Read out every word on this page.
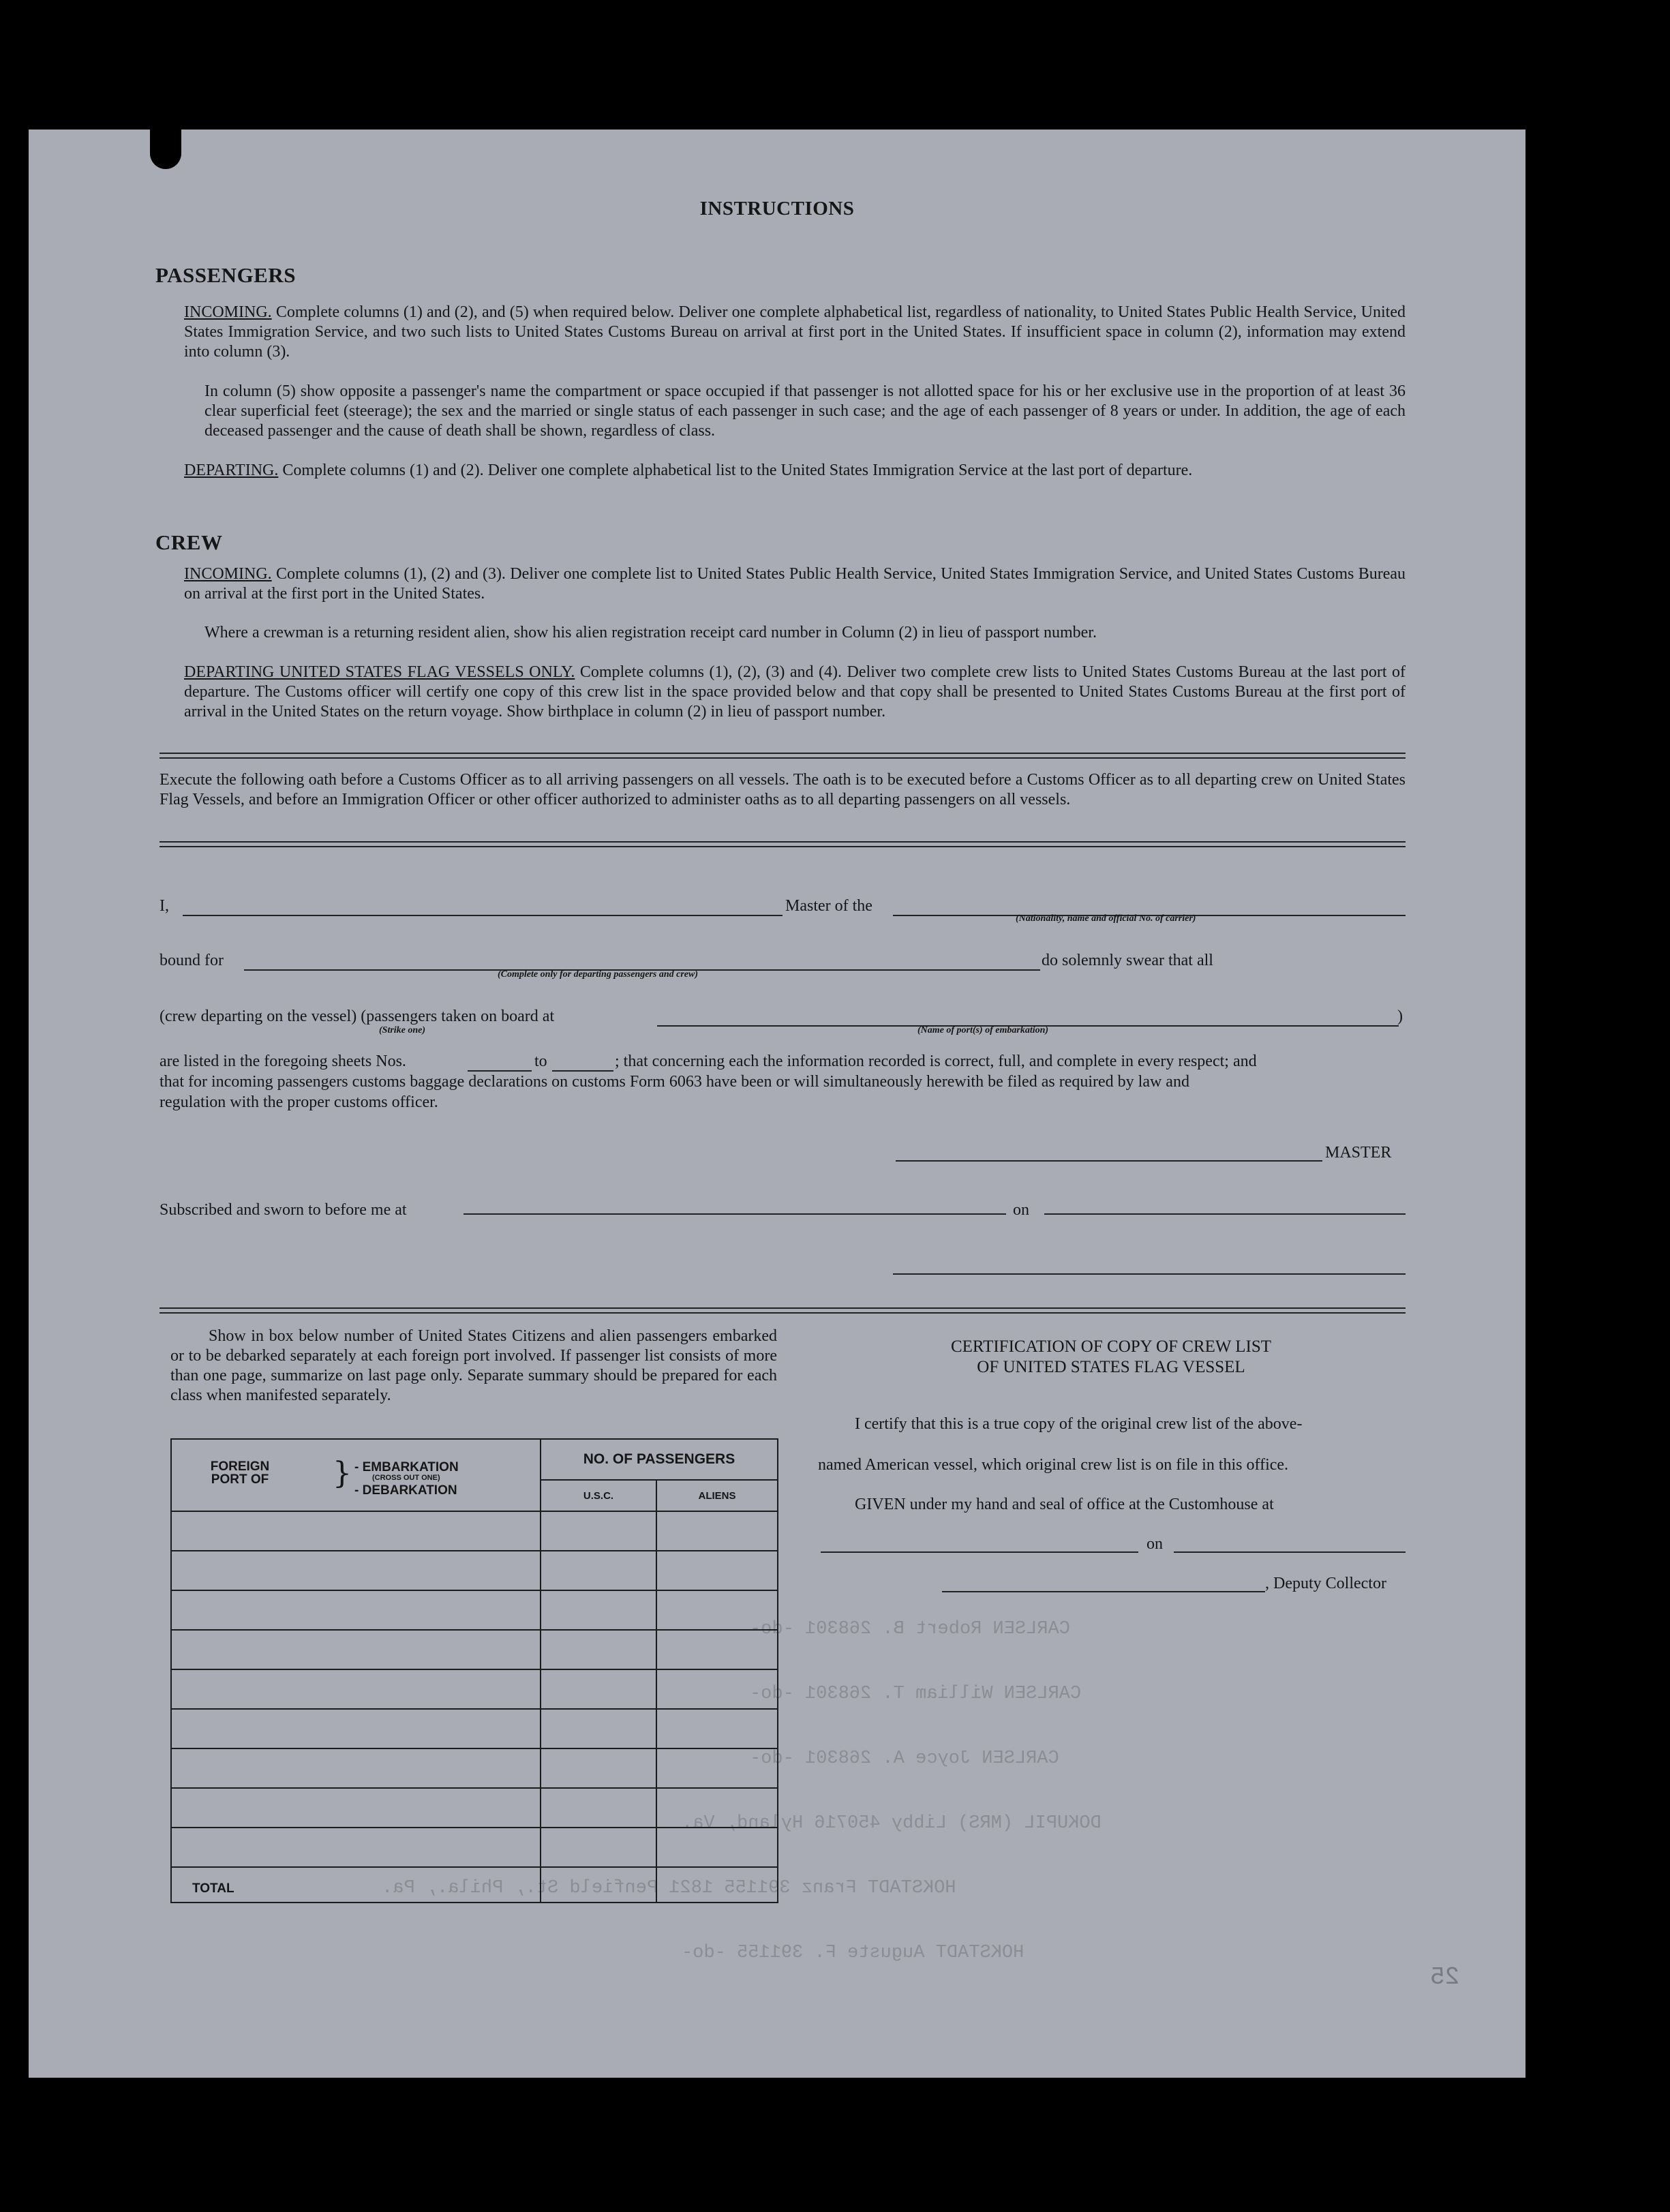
CARLSEN Robert B. 268301 -do-
CARLSEN William T. 268301 -do-
CARLSEN Joyce A. 268301 -do-
DOKUPIL (MRS) Libby 450716 Hyland, Va.
HOKSTADT Franz 391155 1821 Penfield St., Phila., Pa.
HOKSTADT Auguste F. 391155 -do-
25
INSTRUCTIONS
PASSENGERS
INCOMING. Complete columns (1) and (2), and (5) when required below. Deliver one complete alphabetical list, regardless of nationality, to United States Public Health Service, United States Immigration Service, and two such lists to United States Customs Bureau on arrival at first port in the United States. If insufficient space in column (2), information may extend into column (3).
In column (5) show opposite a passenger's name the compartment or space occupied if that passenger is not allotted space for his or her exclusive use in the proportion of at least 36 clear superficial feet (steerage); the sex and the married or single status of each passenger in such case; and the age of each passenger of 8 years or under. In addition, the age of each deceased passenger and the cause of death shall be shown, regardless of class.
DEPARTING. Complete columns (1) and (2). Deliver one complete alphabetical list to the United States Immigration Service at the last port of departure.
CREW
INCOMING. Complete columns (1), (2) and (3). Deliver one complete list to United States Public Health Service, United States Immigration Service, and United States Customs Bureau on arrival at the first port in the United States.
Where a crewman is a returning resident alien, show his alien registration receipt card number in Column (2) in lieu of passport number.
DEPARTING UNITED STATES FLAG VESSELS ONLY. Complete columns (1), (2), (3) and (4). Deliver two complete crew lists to United States Customs Bureau at the last port of departure. The Customs officer will certify one copy of this crew list in the space provided below and that copy shall be presented to United States Customs Bureau at the first port of arrival in the United States on the return voyage. Show birthplace in column (2) in lieu of passport number.
Execute the following oath before a Customs Officer as to all arriving passengers on all vessels. The oath is to be executed before a Customs Officer as to all departing crew on United States Flag Vessels, and before an Immigration Officer or other officer authorized to administer oaths as to all departing passengers on all vessels.
I,	Master of the
(Nationality, name and official No. of carrier)
bound for
(Complete only for departing passengers and crew)
do solemnly swear that all
(crew departing on the vessel) (passengers taken on board at	)
(Strike one)	(Name of port(s) of embarkation)
are listed in the foregoing sheets Nos.	to	; that concerning each the information recorded is correct, full, and complete in every respect; and
that for incoming passengers customs baggage declarations on customs Form 6063 have been or will simultaneously herewith be filed as required by law and
regulation with the proper customs officer.
MASTER
Subscribed and sworn to before me at	on
Show in box below number of United States Citizens and alien passengers embarked or to be debarked separately at each foreign port involved. If passenger list consists of more than one page, summarize on last page only. Separate summary should be prepared for each class when manifested separately.
FOREIGN PORT OF } - EMBARKATION
(CROSS OUT ONE)
- DEBARKATION	NO. OF PASSENGERS	
	U.S.C.	ALIENS

TOTAL		
CERTIFICATION OF COPY OF CREW LIST
OF UNITED STATES FLAG VESSEL
I certify that this is a true copy of the original crew list of the above-
named American vessel, which original crew list is on file in this office.
GIVEN under my hand and seal of office at the Customhouse at
on
, Deputy Collector
